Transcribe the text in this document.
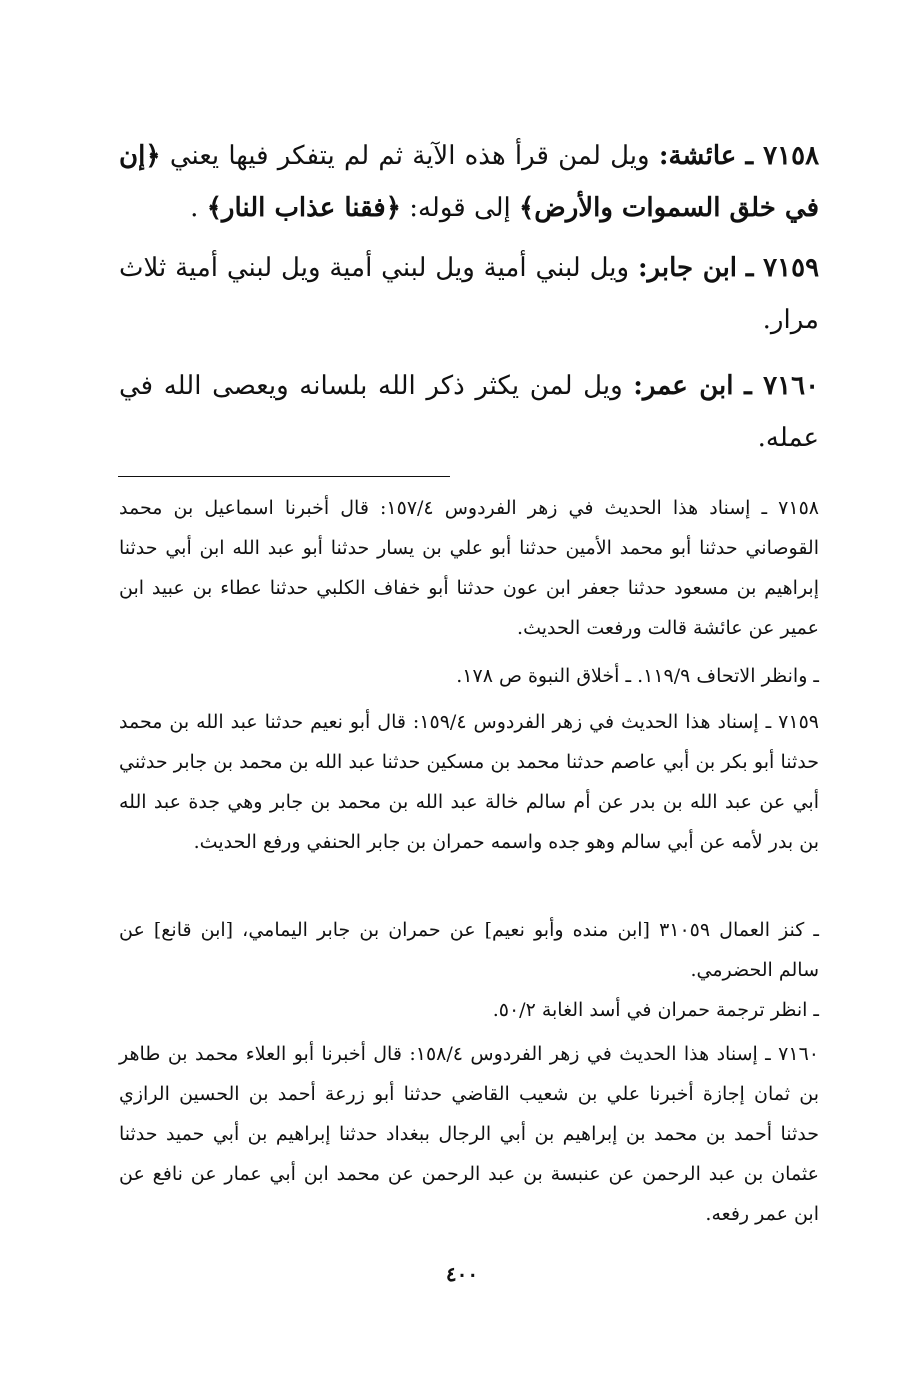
٧١٥٨ ـ عائشة: ويل لمن قرأ هذه الآية ثم لم يتفكر فيها يعني ﴿إن في خلق السموات والأرض﴾ إلى قوله: ﴿فقنا عذاب النار﴾ .

٧١٥٩ ـ ابن جابر: ويل لبني أمية ويل لبني أمية ويل لبني أمية ثلاث مرار.

٧١٦٠ ـ ابن عمر: ويل لمن يكثر ذكر الله بلسانه ويعصى الله في عمله.

٧١٥٨ ـ إسناد هذا الحديث في زهر الفردوس ١٥٧/٤: قال أخبرنا اسماعيل بن محمد القوصاني حدثنا أبو محمد الأمين حدثنا أبو علي بن يسار حدثنا أبو عبد الله ابن أبي حدثنا إبراهيم بن مسعود حدثنا جعفر ابن عون حدثنا أبو خفاف الكلبي حدثنا عطاء بن عبيد ابن عمير عن عائشة قالت ورفعت الحديث.

ـ وانظر الاتحاف ١١٩/٩. ـ أخلاق النبوة ص ١٧٨.

٧١٥٩ ـ إسناد هذا الحديث في زهر الفردوس ١٥٩/٤: قال أبو نعيم حدثنا عبد الله بن محمد حدثنا أبو بكر بن أبي عاصم حدثنا محمد بن مسكين حدثنا عبد الله بن محمد بن جابر حدثني أبي عن عبد الله بن بدر عن أم سالم خالة عبد الله بن محمد بن جابر وهي جدة عبد الله بن بدر لأمه عن أبي سالم وهو جده واسمه حمران بن جابر الحنفي ورفع الحديث.

ـ كنز العمال ٣١٠٥٩ [ابن منده وأبو نعيم] عن حمران بن جابر اليمامي، [ابن قانع] عن سالم الحضرمي.

ـ انظر ترجمة حمران في أسد الغابة ٥٠/٢.

٧١٦٠ ـ إسناد هذا الحديث في زهر الفردوس ١٥٨/٤: قال أخبرنا أبو العلاء محمد بن طاهر بن ثمان إجازة أخبرنا علي بن شعيب القاضي حدثنا أبو زرعة أحمد بن الحسين الرازي حدثنا أحمد بن محمد بن إبراهيم بن أبي الرجال ببغداد حدثنا إبراهيم بن أبي حميد حدثنا عثمان بن عبد الرحمن عن عنبسة بن عبد الرحمن عن محمد ابن أبي عمار عن نافع عن ابن عمر رفعه.

٤٠٠
